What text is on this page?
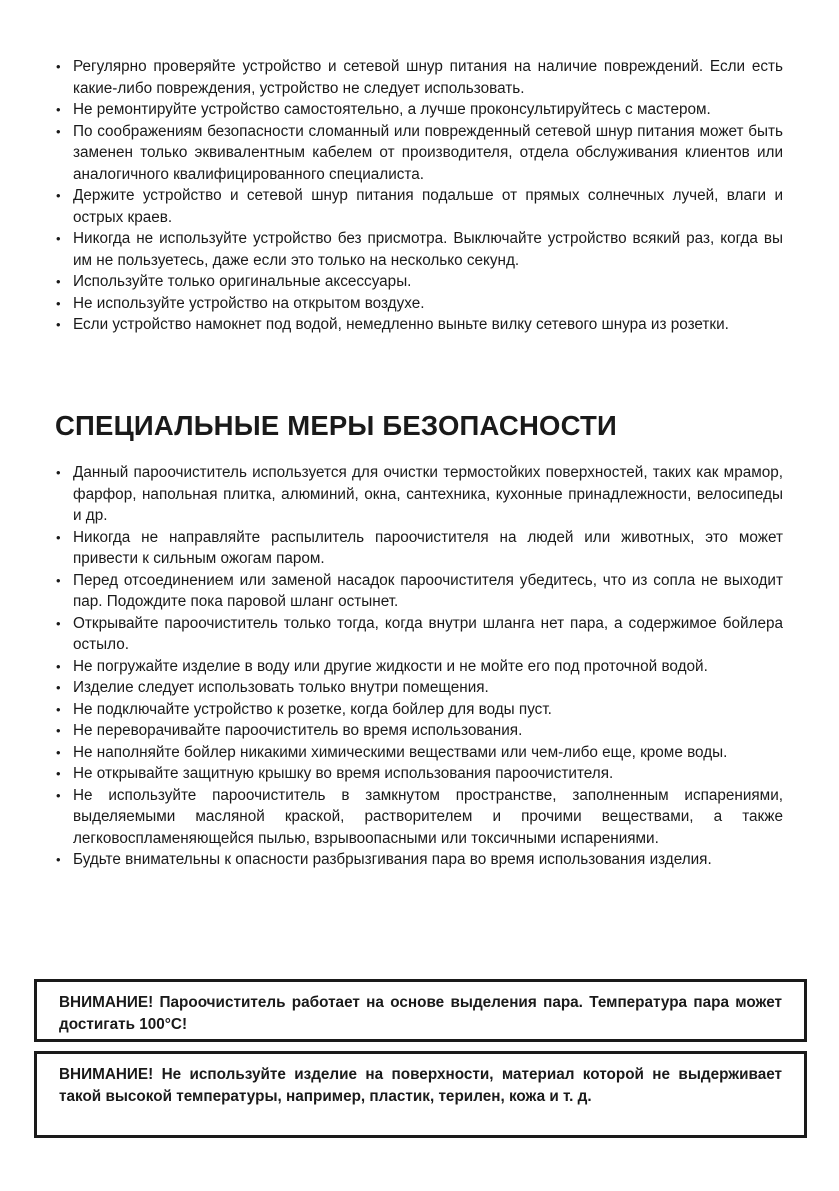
• Регулярно проверяйте устройство и сетевой шнур питания на наличие повреждений. Если есть какие-либо повреждения, устройство не следует использовать.
• Не ремонтируйте устройство самостоятельно, а лучше проконсультируйтесь с мастером.
• По соображениям безопасности сломанный или поврежденный сетевой шнур питания может быть заменен только эквивалентным кабелем от производителя, отдела обслуживания клиентов или аналогичного квалифицированного специалиста.
• Держите устройство и сетевой шнур питания подальше от прямых солнечных лучей, влаги и острых краев.
• Никогда не используйте устройство без присмотра. Выключайте устройство всякий раз, когда вы им не пользуетесь, даже если это только на несколько секунд.
• Используйте только оригинальные аксессуары.
• Не используйте устройство на открытом воздухе.
• Если устройство намокнет под водой, немедленно выньте вилку сетевого шнура из розетки.
СПЕЦИАЛЬНЫЕ МЕРЫ БЕЗОПАСНОСТИ
• Данный пароочиститель используется для очистки термостойких поверхностей, таких как мрамор, фарфор, напольная плитка, алюминий, окна, сантехника, кухонные принадлежности, велосипеды и др.
• Никогда не направляйте распылитель пароочистителя на людей или животных, это может привести к сильным ожогам паром.
• Перед отсоединением или заменой насадок пароочистителя убедитесь, что из сопла не выходит пар. Подождите пока паровой шланг остынет.
• Открывайте пароочиститель только тогда, когда внутри шланга нет пара, а содержимое бойлера остыло.
• Не погружайте изделие в воду или другие жидкости и не мойте его под проточной водой.
• Изделие следует использовать только внутри помещения.
• Не подключайте устройство к розетке, когда бойлер для воды пуст.
• Не переворачивайте пароочиститель во время использования.
• Не наполняйте бойлер никакими химическими веществами или чем-либо еще, кроме воды.
• Не открывайте защитную крышку во время использования пароочистителя.
• Не используйте пароочиститель в замкнутом пространстве, заполненным испарениями, выделяемыми масляной краской, растворителем и прочими веществами, а также легковоспламеняющейся пылью, взрывоопасными или токсичными испарениями.
• Будьте внимательны к опасности разбрызгивания пара во время использования изделия.
ВНИМАНИЕ! Пароочиститель работает на основе выделения пара. Температура пара может достигать 100°C!
ВНИМАНИЕ! Не используйте изделие на поверхности, материал которой не выдерживает такой высокой температуры, например, пластик, терилен, кожа и т. д.
